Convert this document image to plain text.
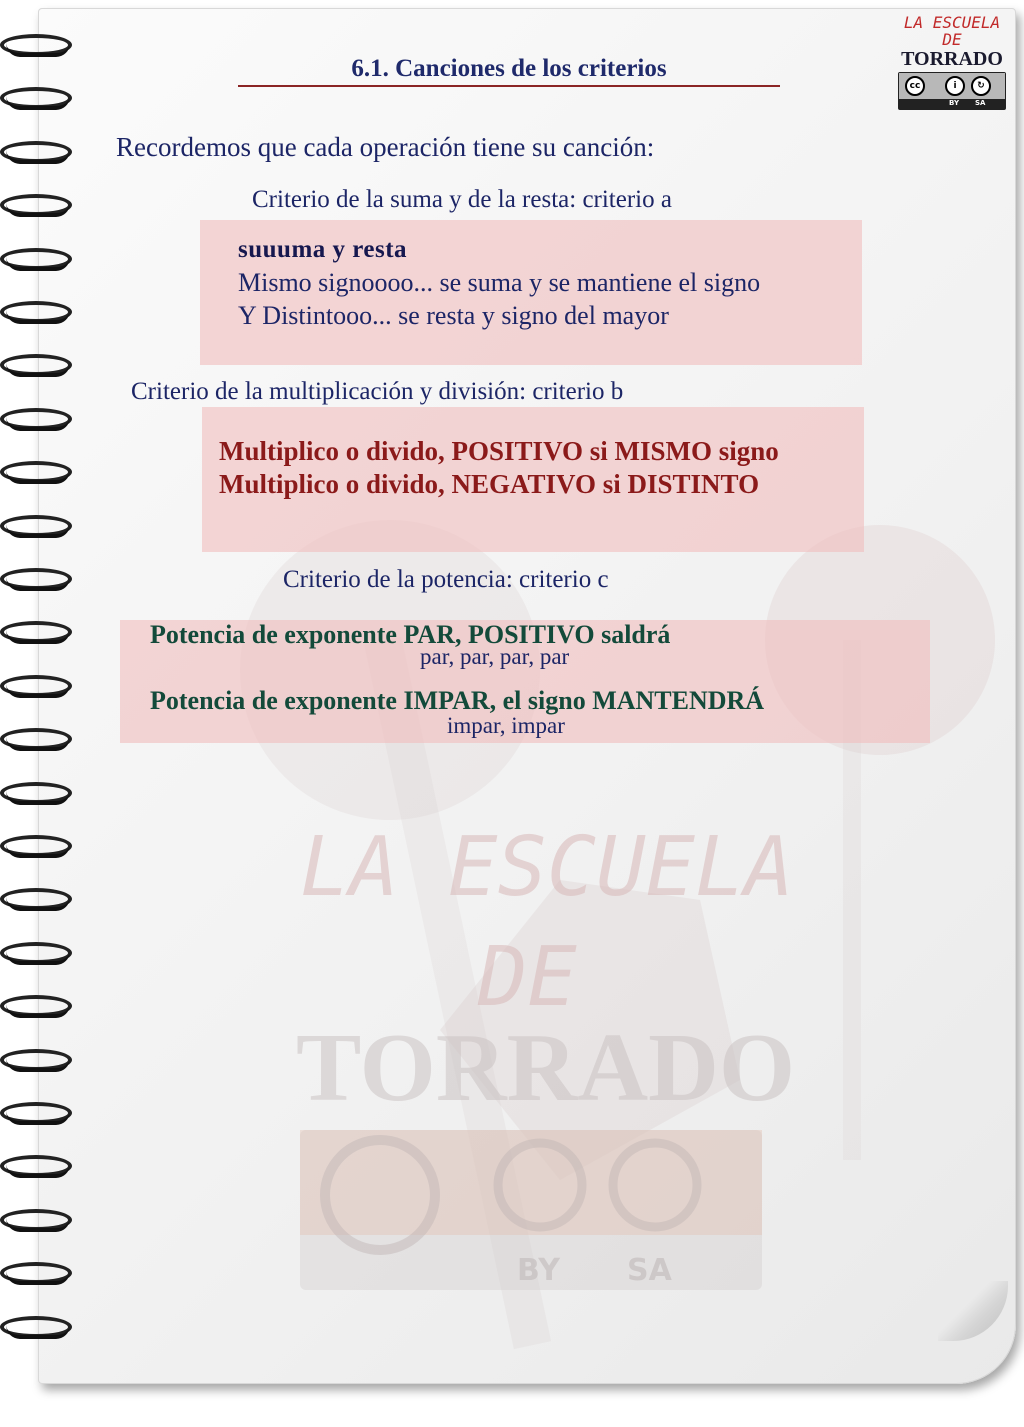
LA ESCUELA
DE
TORRADO
BY SA
6.1. Canciones de los criterios
LA ESCUELA
DE
TORRADO
cc	i	↻
BY SA
Recordemos que cada operación tiene su canción:
Criterio de la suma y de la resta: criterio a
suuuma y resta
Mismo signoooo... se suma y se mantiene el signo
Y Distintooo... se resta y signo del mayor
Criterio de la multiplicación y división: criterio b
Multiplico o divido, POSITIVO si MISMO signo
Multiplico o divido, NEGATIVO si DISTINTO
Criterio de la potencia: criterio c
Potencia de exponente PAR, POSITIVO saldrá
par, par, par, par
Potencia de exponente IMPAR, el signo MANTENDRÁ
impar, impar
